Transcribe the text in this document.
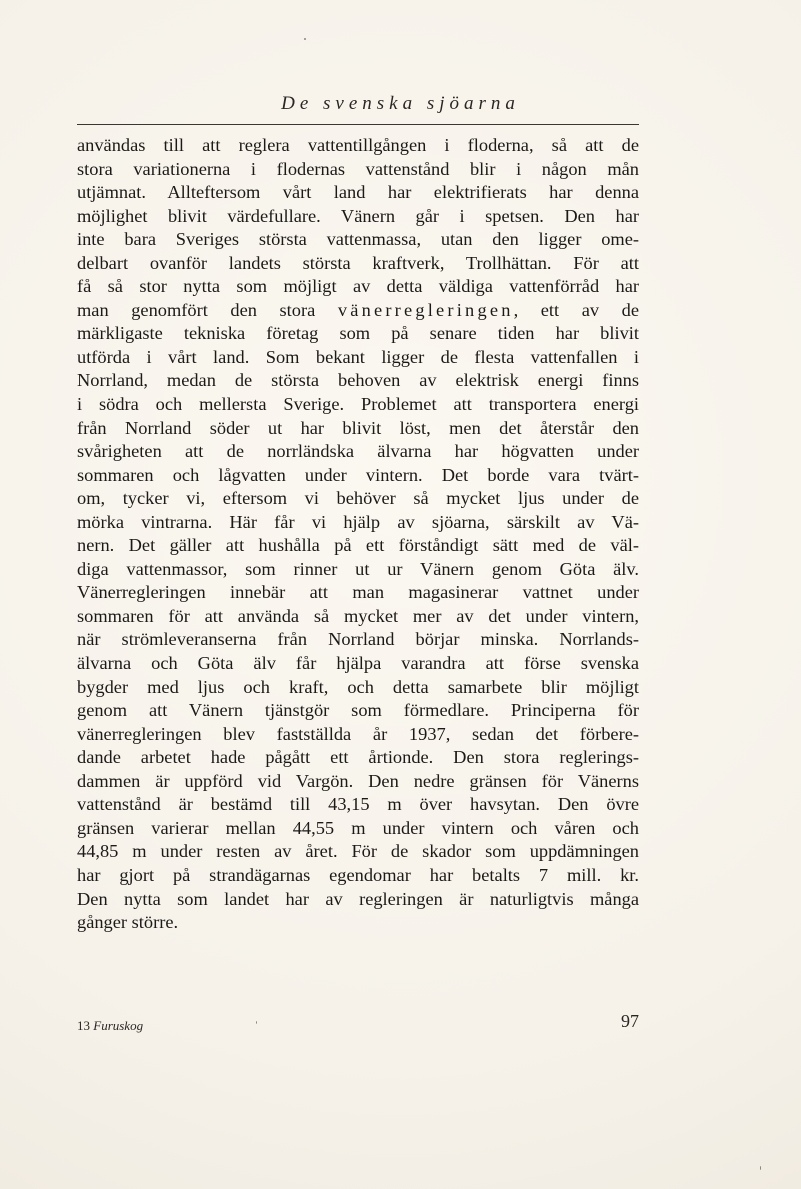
De svenska sjöarna
användas till att reglera vattentillgången i floderna, så att de
stora variationerna i flodernas vattenstånd blir i någon mån
utjämnat. Allteftersom vårt land har elektrifierats har denna
möjlighet blivit värdefullare. Vänern går i spetsen. Den har
inte bara Sveriges största vattenmassa, utan den ligger ome-
delbart ovanför landets största kraftverk, Trollhättan. För att
få så stor nytta som möjligt av detta väldiga vattenförråd har
man genomfört den stora vänerregleringen, ett av de
märkligaste tekniska företag som på senare tiden har blivit
utförda i vårt land. Som bekant ligger de flesta vattenfallen i
Norrland, medan de största behoven av elektrisk energi finns
i södra och mellersta Sverige. Problemet att transportera energi
från Norrland söder ut har blivit löst, men det återstår den
svårigheten att de norrländska älvarna har högvatten under
sommaren och lågvatten under vintern. Det borde vara tvärt-
om, tycker vi, eftersom vi behöver så mycket ljus under de
mörka vintrarna. Här får vi hjälp av sjöarna, särskilt av Vä-
nern. Det gäller att hushålla på ett förståndigt sätt med de väl-
diga vattenmassor, som rinner ut ur Vänern genom Göta älv.
Vänerregleringen innebär att man magasinerar vattnet under
sommaren för att använda så mycket mer av det under vintern,
när strömleveranserna från Norrland börjar minska. Norrlands-
älvarna och Göta älv får hjälpa varandra att förse svenska
bygder med ljus och kraft, och detta samarbete blir möjligt
genom att Vänern tjänstgör som förmedlare. Principerna för
vänerregleringen blev fastställda år 1937, sedan det förbere-
dande arbetet hade pågått ett årtionde. Den stora reglerings-
dammen är uppförd vid Vargön. Den nedre gränsen för Vänerns
vattenstånd är bestämd till 43,15 m över havsytan. Den övre
gränsen varierar mellan 44,55 m under vintern och våren och
44,85 m under resten av året. För de skador som uppdämningen
har gjort på strandägarnas egendomar har betalts 7 mill. kr.
Den nytta som landet har av regleringen är naturligtvis många
gånger större.
13 Furuskog	97
